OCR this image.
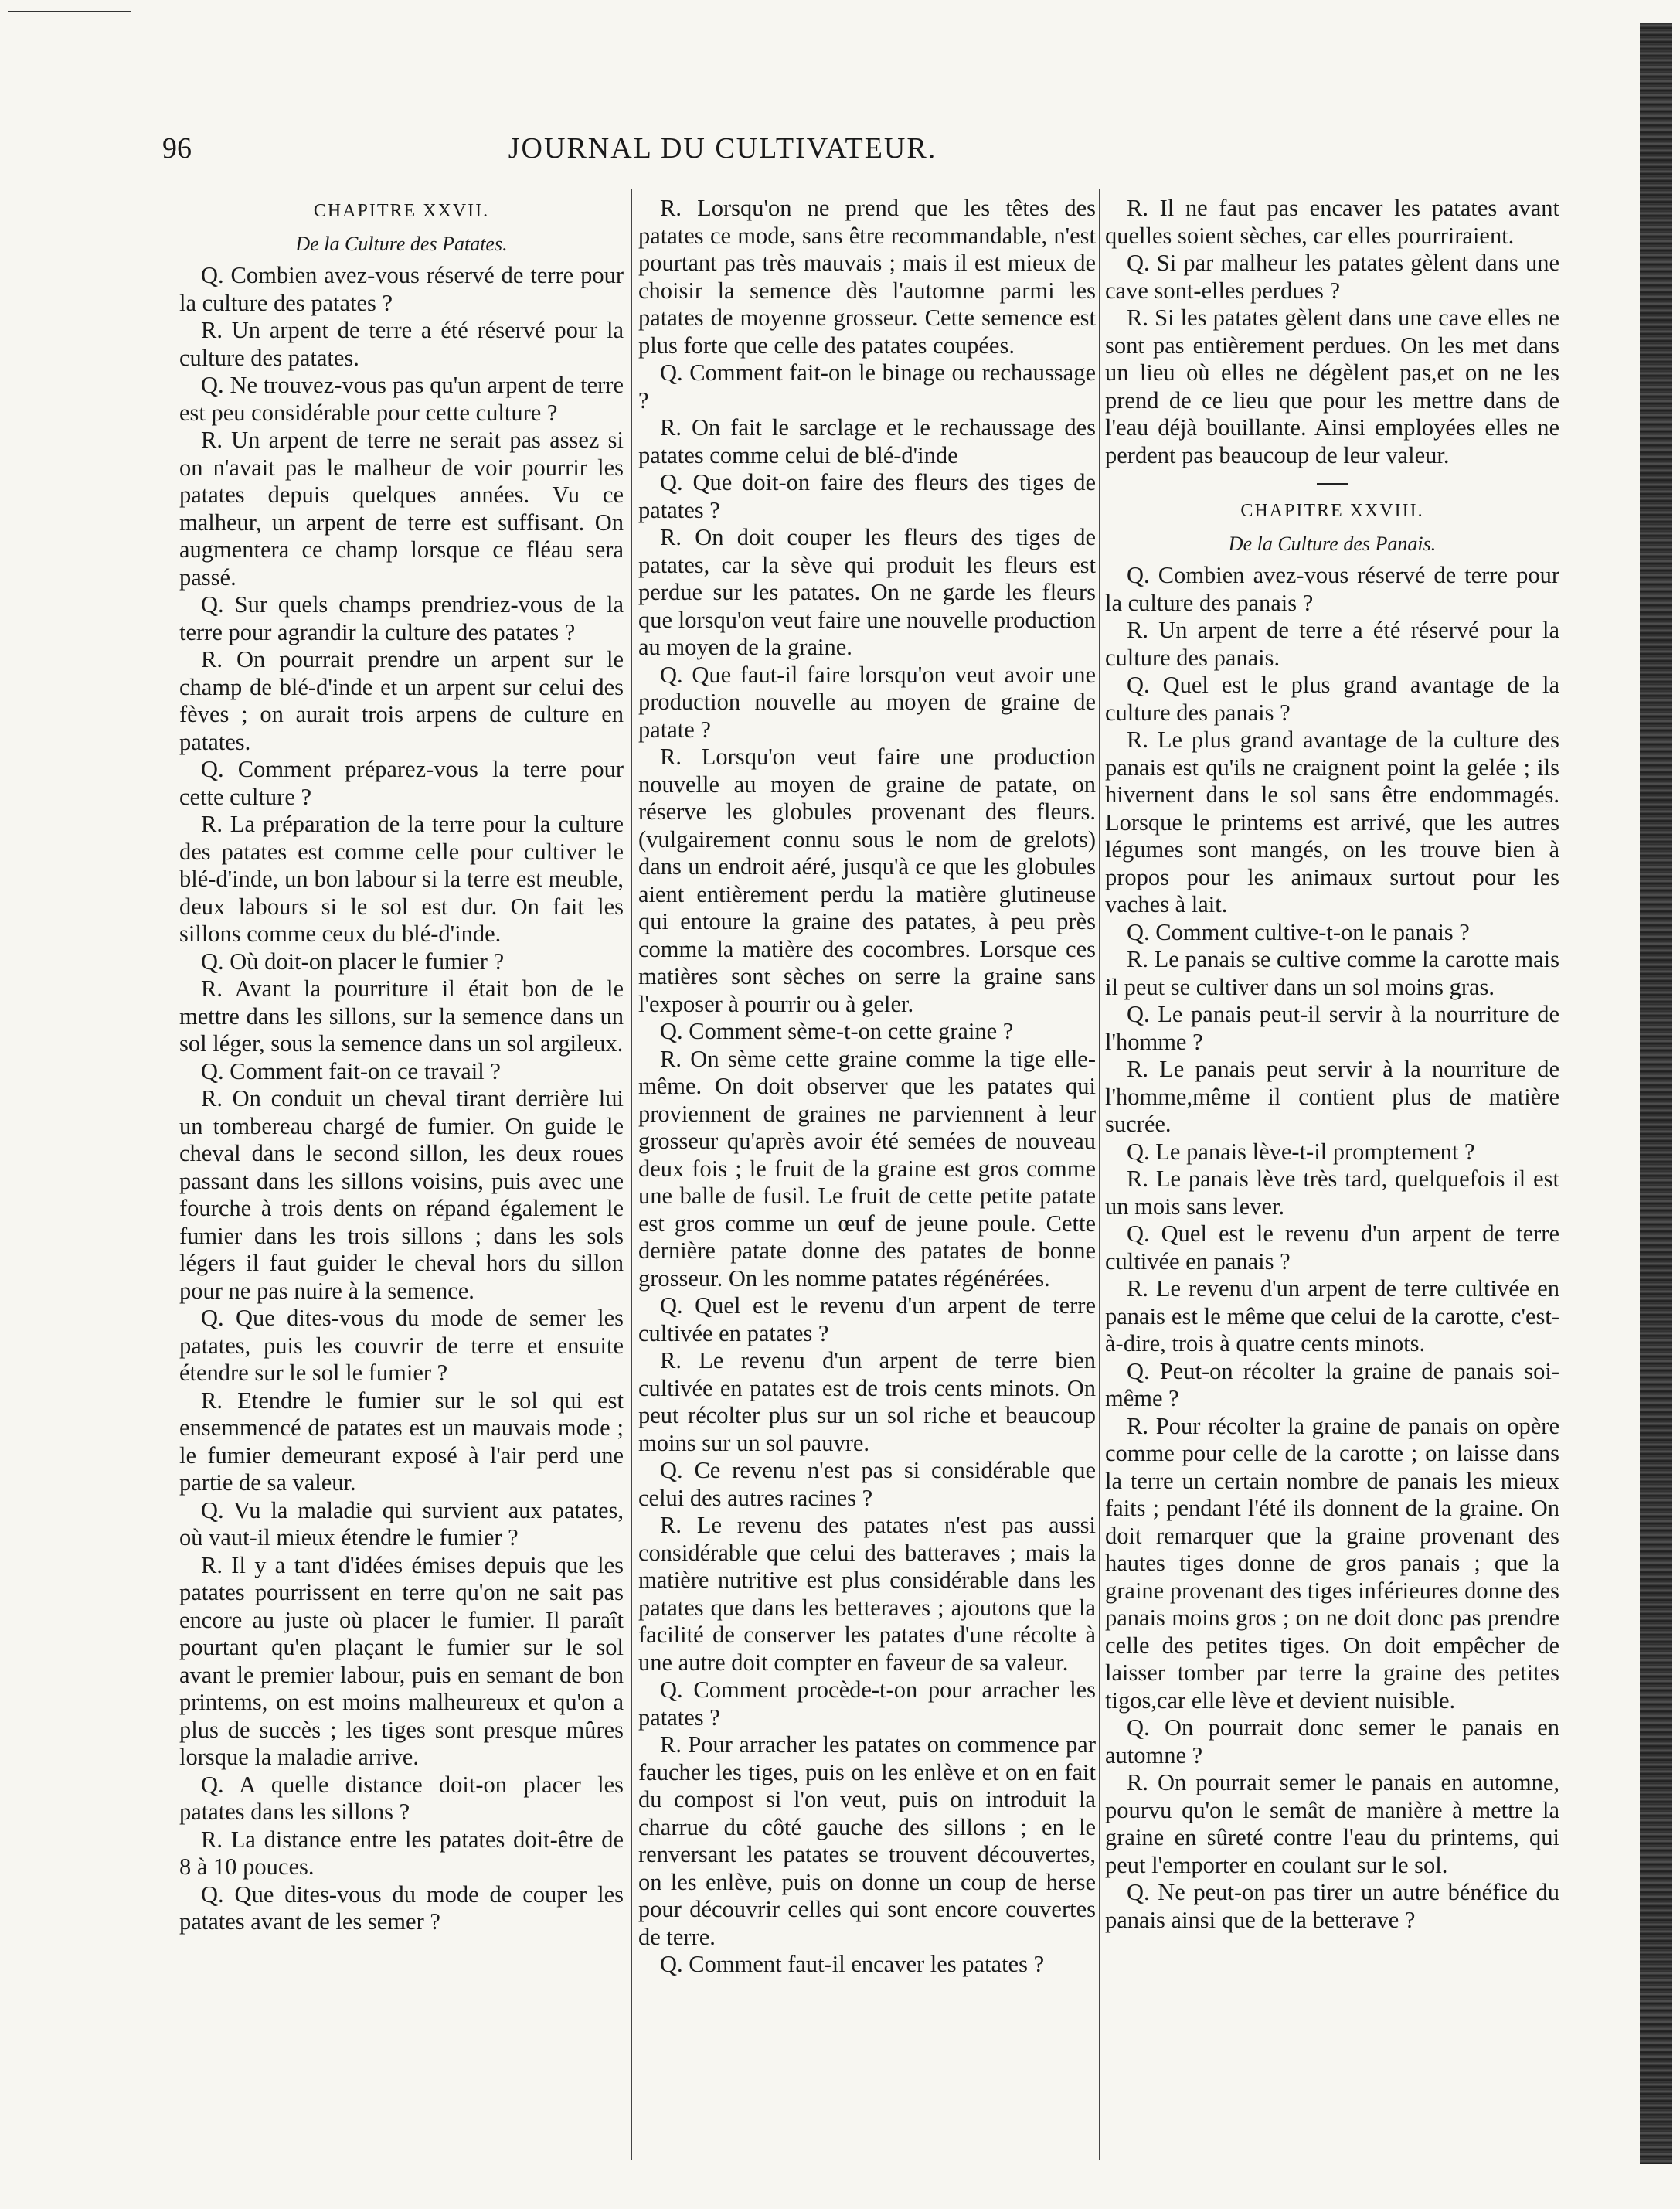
JOURNAL DU CULTIVATEUR.
96

CHAPITRE XXVII.

De la Culture des Patates.

Q. Combien avez-vous réservé de terre pour la culture des patates ?

R. Un arpent de terre a été réservé pour la culture des patates.

Q. Ne trouvez-vous pas qu'un arpent de terre est peu considérable pour cette culture ?

R. Un arpent de terre ne serait pas assez si on n'avait pas le malheur de voir pourrir les patates depuis quelques années. Vu ce malheur, un arpent de terre est suffisant. On augmentera ce champ lorsque ce fléau sera passé.

Q. Sur quels champs prendriez-vous de la terre pour agrandir la culture des patates ?

R. On pourrait prendre un arpent sur le champ de blé-d'inde et un arpent sur celui des fèves ; on aurait trois arpens de culture en patates.

Q. Comment préparez-vous la terre pour cette culture ?

R. La préparation de la terre pour la culture des patates est comme celle pour cultiver le blé-d'inde, un bon labour si la terre est meuble, deux labours si le sol est dur. On fait les sillons comme ceux du blé-d'inde.

Q. Où doit-on placer le fumier ?

R. Avant la pourriture il était bon de le mettre dans les sillons, sur la semence dans un sol léger, sous la semence dans un sol argileux.

Q. Comment fait-on ce travail ?

R. On conduit un cheval tirant derrière lui un tombereau chargé de fumier. On guide le cheval dans le second sillon, les deux roues passant dans les sillons voisins, puis avec une fourche à trois dents on répand également le fumier dans les trois sillons ; dans les sols légers il faut guider le cheval hors du sillon pour ne pas nuire à la semence.

Q. Que dites-vous du mode de semer les patates, puis les couvrir de terre et ensuite étendre sur le sol le fumier ?

R. Etendre le fumier sur le sol qui est ensemmencé de patates est un mauvais mode ; le fumier demeurant exposé à l'air perd une partie de sa valeur.

Q. Vu la maladie qui survient aux patates, où vaut-il mieux étendre le fumier ?

R. Il y a tant d'idées émises depuis que les patates pourrissent en terre qu'on ne sait pas encore au juste où placer le fumier. Il paraît pourtant qu'en plaçant le fumier sur le sol avant le premier labour, puis en semant de bon printems, on est moins malheureux et qu'on a plus de succès ; les tiges sont presque mûres lorsque la maladie arrive.

Q. A quelle distance doit-on placer les patates dans les sillons ?

R. La distance entre les patates doit-être de 8 à 10 pouces.

Q. Que dites-vous du mode de couper les patates avant de les semer ?

R. Lorsqu'on ne prend que les têtes des patates ce mode, sans être recommandable, n'est pourtant pas très mauvais ; mais il est mieux de choisir la semence dès l'automne parmi les patates de moyenne grosseur. Cette semence est plus forte que celle des patates coupées.

Q. Comment fait-on le binage ou rechaussage ?

R. On fait le sarclage et le rechaussage des patates comme celui de blé-d'inde

Q. Que doit-on faire des fleurs des tiges de patates ?

R. On doit couper les fleurs des tiges de patates, car la sève qui produit les fleurs est perdue sur les patates. On ne garde les fleurs que lorsqu'on veut faire une nouvelle production au moyen de la graine.

Q. Que faut-il faire lorsqu'on veut avoir une production nouvelle au moyen de graine de patate ?

R. Lorsqu'on veut faire une production nouvelle au moyen de graine de patate, on réserve les globules provenant des fleurs. (vulgairement connu sous le nom de grelots) dans un endroit aéré, jusqu'à ce que les globules aient entièrement perdu la matière glutineuse qui entoure la graine des patates, à peu près comme la matière des cocombres. Lorsque ces matières sont sèches on serre la graine sans l'exposer à pourrir ou à geler.

Q. Comment sème-t-on cette graine ?

R. On sème cette graine comme la tige elle-même. On doit observer que les patates qui proviennent de graines ne parviennent à leur grosseur qu'après avoir été semées de nouveau deux fois ; le fruit de la graine est gros comme une balle de fusil. Le fruit de cette petite patate est gros comme un œuf de jeune poule. Cette dernière patate donne des patates de bonne grosseur. On les nomme patates régénérées.

Q. Quel est le revenu d'un arpent de terre cultivée en patates ?

R. Le revenu d'un arpent de terre bien cultivée en patates est de trois cents minots. On peut récolter plus sur un sol riche et beaucoup moins sur un sol pauvre.

Q. Ce revenu n'est pas si considérable que celui des autres racines ?

R. Le revenu des patates n'est pas aussi considérable que celui des batteraves ; mais la matière nutritive est plus considérable dans les patates que dans les betteraves ; ajoutons que la facilité de conserver les patates d'une récolte à une autre doit compter en faveur de sa valeur.

Q. Comment procède-t-on pour arracher les patates ?

R. Pour arracher les patates on commence par faucher les tiges, puis on les enlève et on en fait du compost si l'on veut, puis on introduit la charrue du côté gauche des sillons ; en le renversant les patates se trouvent découvertes, on les enlève, puis on donne un coup de herse pour découvrir celles qui sont encore couvertes de terre.

Q. Comment faut-il encaver les patates ?

R. Il ne faut pas encaver les patates avant quelles soient sèches, car elles pourriraient.

Q. Si par malheur les patates gèlent dans une cave sont-elles perdues ?

R. Si les patates gèlent dans une cave elles ne sont pas entièrement perdues. On les met dans un lieu où elles ne dégèlent pas,et on ne les prend de ce lieu que pour les mettre dans de l'eau déjà bouillante. Ainsi employées elles ne perdent pas beaucoup de leur valeur.

CHAPITRE XXVIII.

De la Culture des Panais.

Q. Combien avez-vous réservé de terre pour la culture des panais ?

R. Un arpent de terre a été réservé pour la culture des panais.

Q. Quel est le plus grand avantage de la culture des panais ?

R. Le plus grand avantage de la culture des panais est qu'ils ne craignent point la gelée ; ils hivernent dans le sol sans être endommagés. Lorsque le printems est arrivé, que les autres légumes sont mangés, on les trouve bien à propos pour les animaux surtout pour les vaches à lait.

Q. Comment cultive-t-on le panais ?

R. Le panais se cultive comme la carotte mais il peut se cultiver dans un sol moins gras.

Q. Le panais peut-il servir à la nourriture de l'homme ?

R. Le panais peut servir à la nourriture de l'homme,même il contient plus de matière sucrée.

Q. Le panais lève-t-il promptement ?

R. Le panais lève très tard, quelquefois il est un mois sans lever.

Q. Quel est le revenu d'un arpent de terre cultivée en panais ?

R. Le revenu d'un arpent de terre cultivée en panais est le même que celui de la carotte, c'est-à-dire, trois à quatre cents minots.

Q. Peut-on récolter la graine de panais soi-même ?

R. Pour récolter la graine de panais on opère comme pour celle de la carotte ; on laisse dans la terre un certain nombre de panais les mieux faits ; pendant l'été ils donnent de la graine. On doit remarquer que la graine provenant des hautes tiges donne de gros panais ; que la graine provenant des tiges inférieures donne des panais moins gros ; on ne doit donc pas prendre celle des petites tiges. On doit empêcher de laisser tomber par terre la graine des petites tigos,car elle lève et devient nuisible.

Q. On pourrait donc semer le panais en automne ?

R. On pourrait semer le panais en automne, pourvu qu'on le semât de manière à mettre la graine en sûreté contre l'eau du printems, qui peut l'emporter en coulant sur le sol.

Q. Ne peut-on pas tirer un autre bénéfice du panais ainsi que de la betterave ?
